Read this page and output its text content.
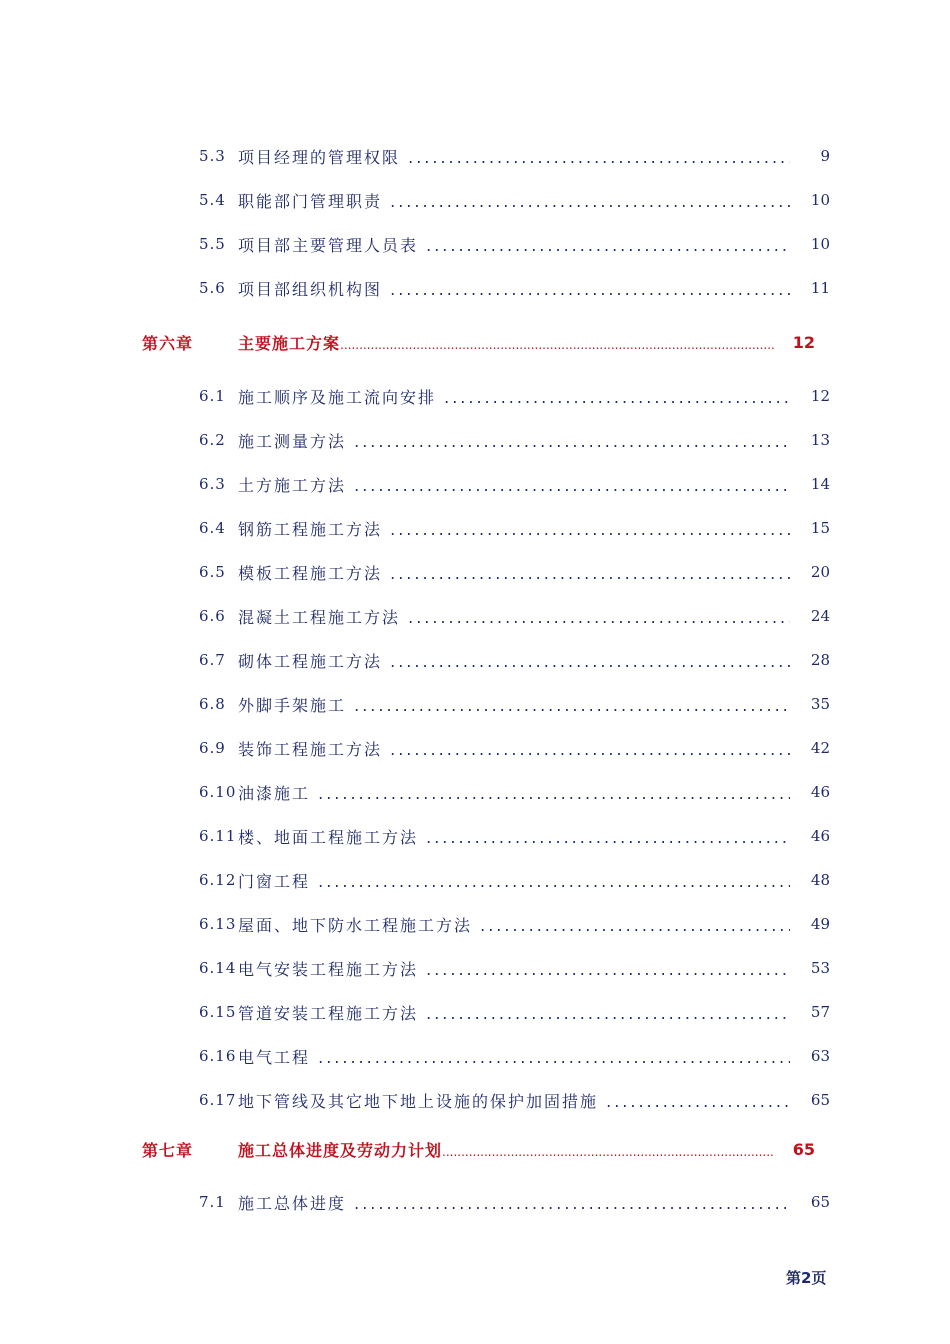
5.3 项目经理的管理权限 .....	9
5.4 职能部门管理职责 .....	10
5.5 项目部主要管理人员表 .....	10
5.6 项目部组织机构图 .....	11
第六章	主要施工方案 .....	12
6.1 施工顺序及施工流向安排 .....	12
6.2 施工测量方法 .....	13
6.3 土方施工方法 .....	14
6.4 钢筋工程施工方法 .....	15
6.5 模板工程施工方法 .....	20
6.6 混凝土工程施工方法 .....	24
6.7 砌体工程施工方法 .....	28
6.8 外脚手架施工 .....	35
6.9 装饰工程施工方法 .....	42
6.10 油漆施工 .....	46
6.11 楼、地面工程施工方法 .....	46
6.12 门窗工程 .....	48
6.13 屋面、地下防水工程施工方法 .....	49
6.14 电气安装工程施工方法 .....	53
6.15 管道安装工程施工方法 .....	57
6.16 电气工程 .....	63
6.17 地下管线及其它地下地上设施的保护加固措施 .....	65
第七章	施工总体进度及劳动力计划 .....	65
7.1 施工总体进度 .....	65
第2页
